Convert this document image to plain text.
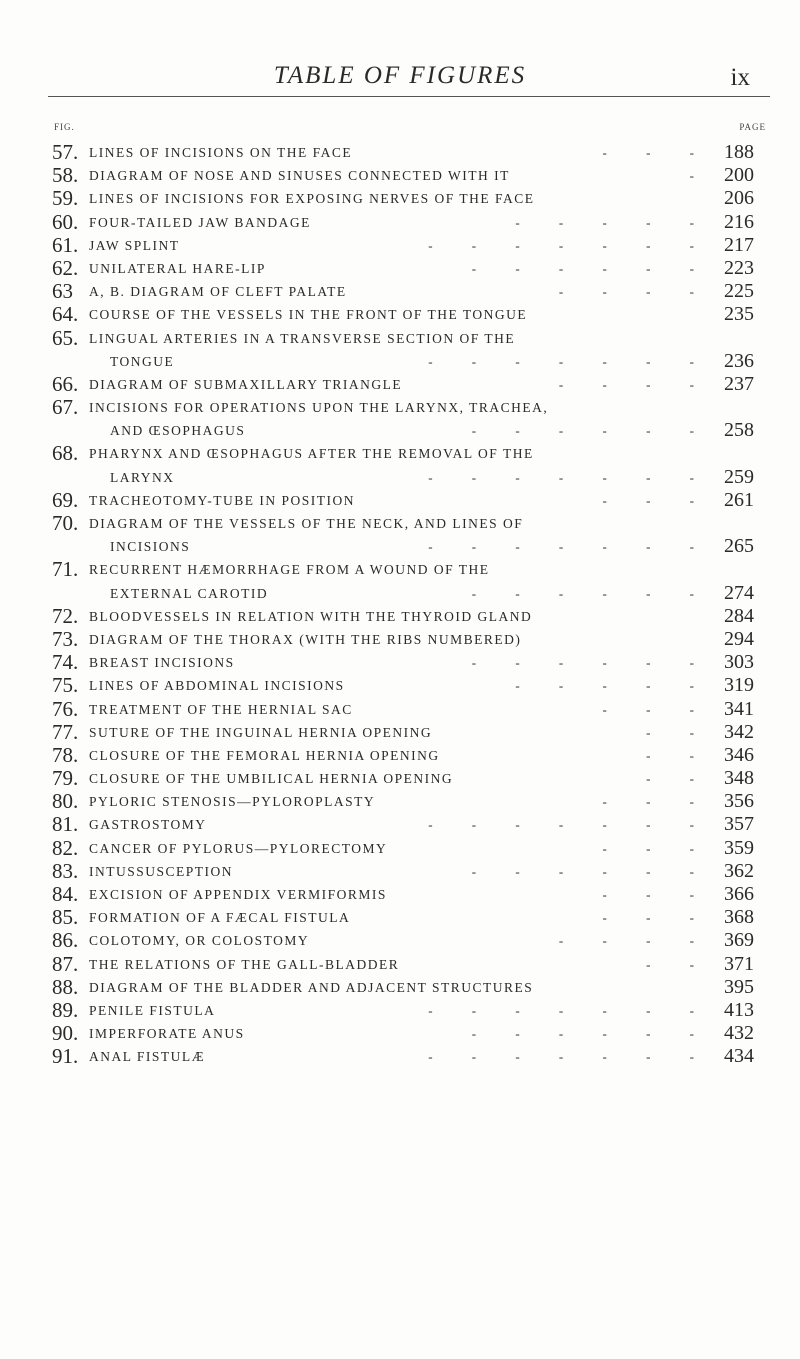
TABLE OF FIGURES	ix
FIG.	PAGE
57. LINES OF INCISIONS ON THE FACE	- - - 188
58. DIAGRAM OF NOSE AND SINUSES CONNECTED WITH IT	- 200
59. LINES OF INCISIONS FOR EXPOSING NERVES OF THE FACE	206
60. FOUR-TAILED JAW BANDAGE	- - - - - 216
61. JAW SPLINT	- - - - - - - 217
62. UNILATERAL HARE-LIP	- - - - - - 223
63 A, B. DIAGRAM OF CLEFT PALATE	- - - - 225
64. COURSE OF THE VESSELS IN THE FRONT OF THE TONGUE	235
65. LINGUAL ARTERIES IN A TRANSVERSE SECTION OF THE
TONGUE	- - - - - - - 236
66. DIAGRAM OF SUBMAXILLARY TRIANGLE	- - - - 237
67. INCISIONS FOR OPERATIONS UPON THE LARYNX, TRACHEA,
AND ŒSOPHAGUS	- - - - - - 258
68. PHARYNX AND ŒSOPHAGUS AFTER THE REMOVAL OF THE
LARYNX	- - - - - - - 259
69. TRACHEOTOMY-TUBE IN POSITION	- - - 261
70. DIAGRAM OF THE VESSELS OF THE NECK, AND LINES OF
INCISIONS	- - - - - - - 265
71. RECURRENT HÆMORRHAGE FROM A WOUND OF THE
EXTERNAL CAROTID	- - - - - - 274
72. BLOODVESSELS IN RELATION WITH THE THYROID GLAND	284
73. DIAGRAM OF THE THORAX (WITH THE RIBS NUMBERED)	294
74. BREAST INCISIONS	- - - - - - 303
75. LINES OF ABDOMINAL INCISIONS	- - - - - 319
76. TREATMENT OF THE HERNIAL SAC	- - - 341
77. SUTURE OF THE INGUINAL HERNIA OPENING	- - 342
78. CLOSURE OF THE FEMORAL HERNIA OPENING	- - 346
79. CLOSURE OF THE UMBILICAL HERNIA OPENING	- - 348
80. PYLORIC STENOSIS—PYLOROPLASTY	- - - 356
81. GASTROSTOMY	- - - - - - - 357
82. CANCER OF PYLORUS—PYLORECTOMY	- - - 359
83. INTUSSUSCEPTION	- - - - - - 362
84. EXCISION OF APPENDIX VERMIFORMIS	- - - 366
85. FORMATION OF A FÆCAL FISTULA	- - - 368
86. COLOTOMY, OR COLOSTOMY	- - - - 369
87. THE RELATIONS OF THE GALL-BLADDER	- - 371
88. DIAGRAM OF THE BLADDER AND ADJACENT STRUCTURES	395
89. PENILE FISTULA	- - - - - - - 413
90. IMPERFORATE ANUS	- - - - - - 432
91. ANAL FISTULÆ	- - - - - - - 434
